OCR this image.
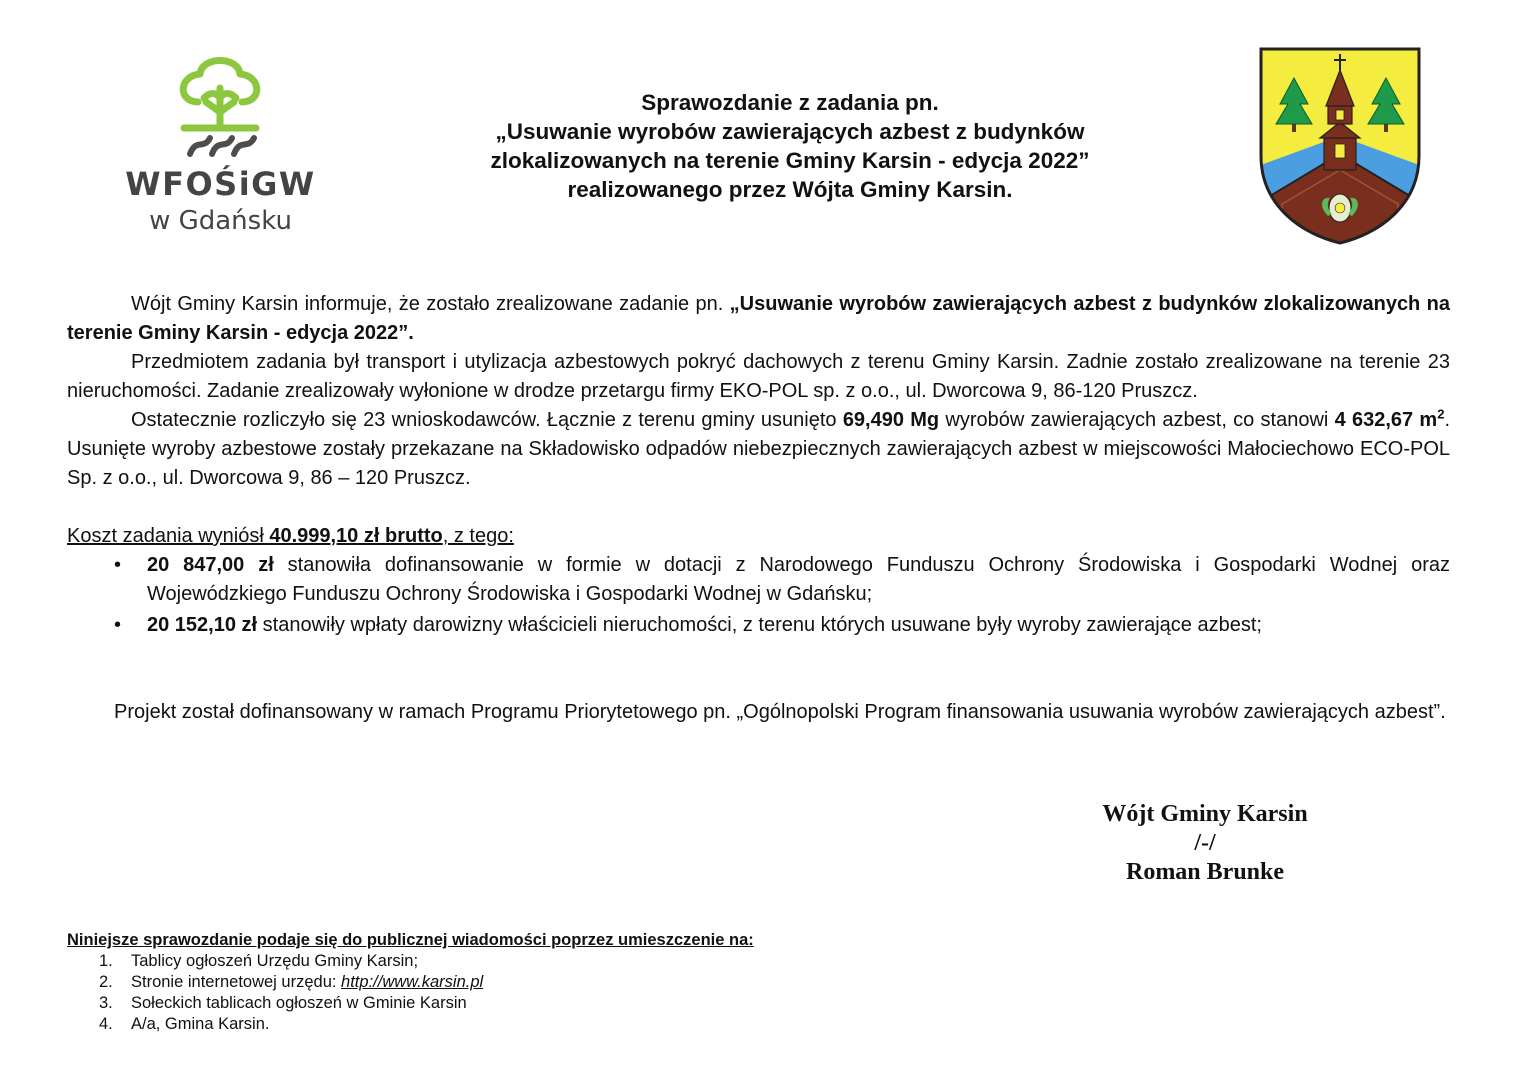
WFOŚiGW
w Gdańsku
Sprawozdanie z zadania pn.
„Usuwanie wyrobów zawierających azbest z budynków
zlokalizowanych na terenie Gminy Karsin - edycja 2022”
realizowanego przez Wójta Gminy Karsin.
Wójt Gminy Karsin informuje, że zostało zrealizowane zadanie pn. „Usuwanie wyrobów zawierających azbest z budynków zlokalizowanych na terenie Gminy Karsin - edycja 2022”.
Przedmiotem zadania był transport i utylizacja azbestowych pokryć dachowych z terenu Gminy Karsin. Zadnie zostało zrealizowane na terenie 23 nieruchomości. Zadanie zrealizowały wyłonione w drodze przetargu firmy EKO-POL sp. z o.o., ul. Dworcowa 9, 86-120 Pruszcz.
Ostatecznie rozliczyło się 23 wnioskodawców. Łącznie z terenu gminy usunięto 69,490 Mg wyrobów zawierających azbest, co stanowi 4 632,67 $m^2$. Usunięte wyroby azbestowe zostały przekazane na Składowisko odpadów niebezpiecznych zawierających azbest w miejscowości Małociechowo ECO-POL Sp. z o.o., ul. Dworcowa 9, 86 – 120 Pruszcz.
Koszt zadania wyniósł 40.999,10 zł brutto, z tego:
• 20 847,00 zł stanowiła dofinansowanie w formie w dotacji z Narodowego Funduszu Ochrony Środowiska i Gospodarki Wodnej oraz Wojewódzkiego Funduszu Ochrony Środowiska i Gospodarki Wodnej w Gdańsku;
• 20 152,10 zł stanowiły wpłaty darowizny właścicieli nieruchomości, z terenu których usuwane były wyroby zawierające azbest;
Projekt został dofinansowany w ramach Programu Priorytetowego pn. „Ogólnopolski Program finansowania usuwania wyrobów zawierających azbest”.
Wójt Gminy Karsin
/-/
Roman Brunke
Niniejsze sprawozdanie podaje się do publicznej wiadomości poprzez umieszczenie na:
1. Tablicy ogłoszeń Urzędu Gminy Karsin;
2. Stronie internetowej urzędu: http://www.karsin.pl
3. Sołeckich tablicach ogłoszeń w Gminie Karsin
4. A/a, Gmina Karsin.
